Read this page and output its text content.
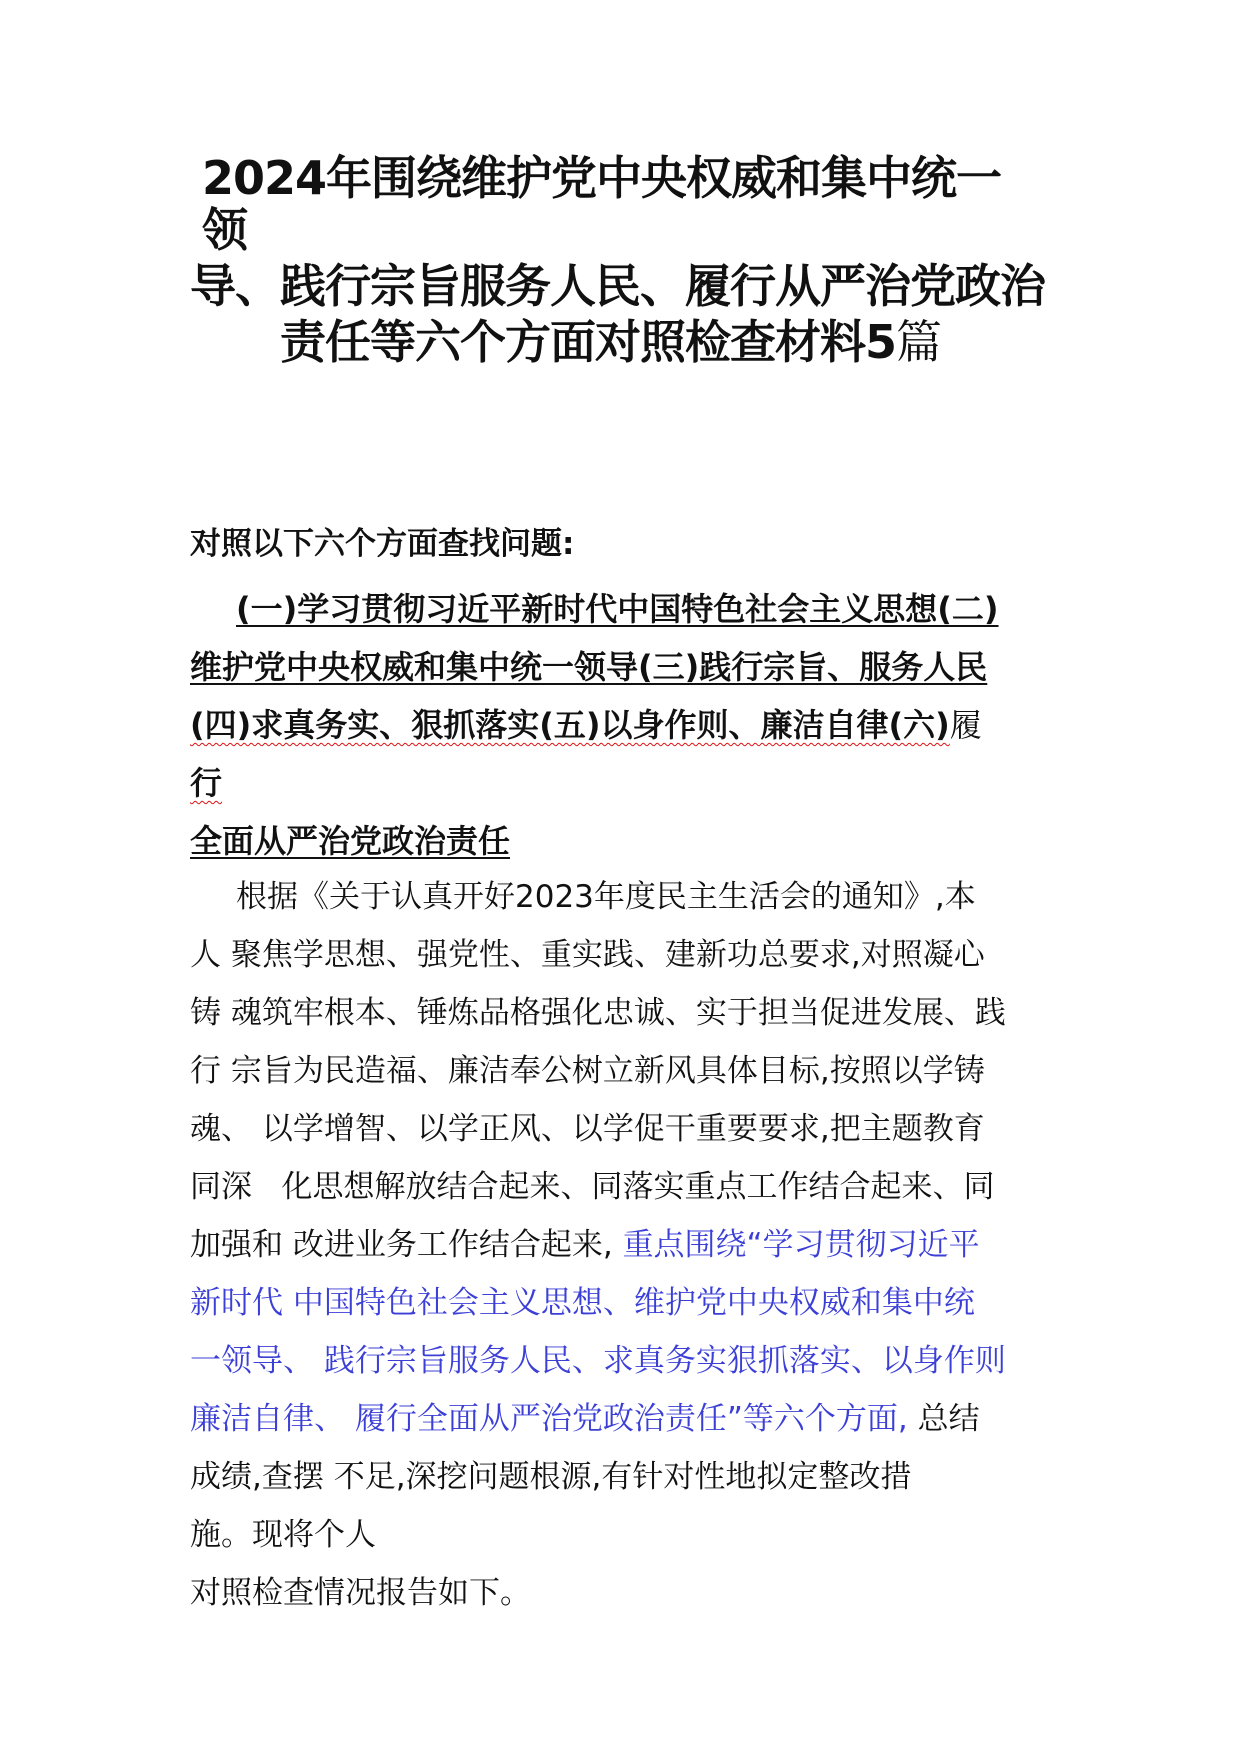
2024年围绕维护党中央权威和集中统一
领
导、践行宗旨服务人民、履行从严治党政治
责任等六个方面对照检查材料5篇
对照以下六个方面查找问题:
(一)学习贯彻习近平新时代中国特色社会主义思想(二)
维护党中央权威和集中统一领导(三)践行宗旨、服务人民
(四)求真务实、狠抓落实(五)以身作则、廉洁自律(六)履
行
全面从严治党政治责任
根据《关于认真开好2023年度民主生活会的通知》,本
人 聚焦学思想、强党性、重实践、建新功总要求,对照凝心
铸 魂筑牢根本、锤炼品格强化忠诚、实于担当促进发展、践
行 宗旨为民造福、廉洁奉公树立新风具体目标,按照以学铸
魂、 以学增智、以学正风、以学促干重要要求,把主题教育
同深   化思想解放结合起来、同落实重点工作结合起来、同
加强和 改进业务工作结合起来, 重点围绕“学习贯彻习近平
新时代 中国特色社会主义思想、维护党中央权威和集中统
一领导、 践行宗旨服务人民、求真务实狠抓落实、以身作则
廉洁自律、 履行全面从严治党政治责任”等六个方面, 总结
成绩,查摆 不足,深挖问题根源,有针对性地拟定整改措
施。现将个人
对照检查情况报告如下。
